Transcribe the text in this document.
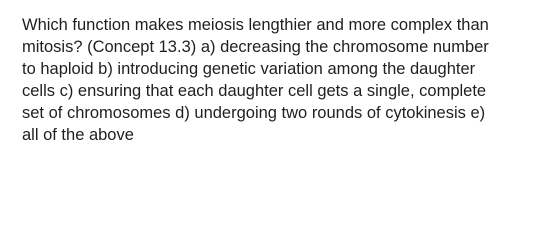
Which function makes meiosis lengthier and more complex than
mitosis? (Concept 13.3) a) decreasing the chromosome number
to haploid b) introducing genetic variation among the daughter
cells c) ensuring that each daughter cell gets a single, complete
set of chromosomes d) undergoing two rounds of cytokinesis e)
all of the above
